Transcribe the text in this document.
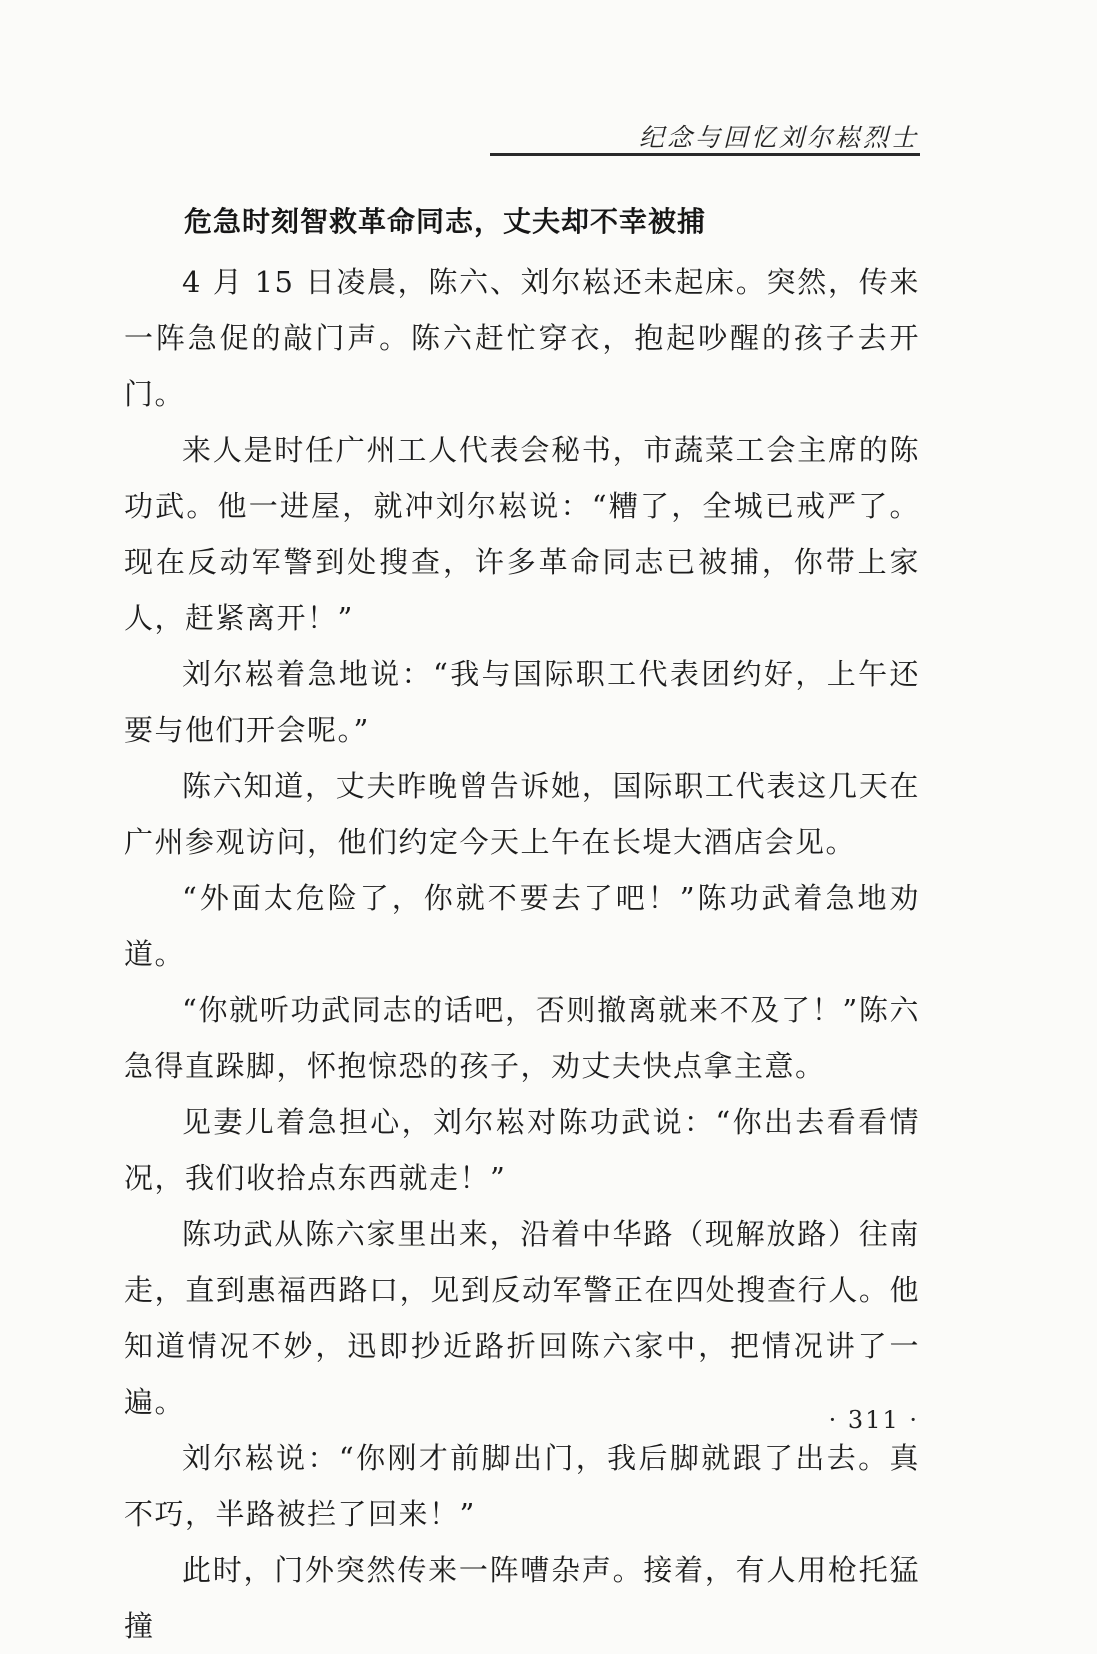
纪念与回忆刘尔崧烈士
危急时刻智救革命同志，丈夫却不幸被捕

4 月 15 日凌晨，陈六、刘尔崧还未起床。突然，传来一阵急促的敲门声。陈六赶忙穿衣，抱起吵醒的孩子去开门。

来人是时任广州工人代表会秘书，市蔬菜工会主席的陈功武。他一进屋，就冲刘尔崧说：“糟了，全城已戒严了。现在反动军警到处搜查，许多革命同志已被捕，你带上家人，赶紧离开！”

刘尔崧着急地说：“我与国际职工代表团约好，上午还要与他们开会呢。”

陈六知道，丈夫昨晚曾告诉她，国际职工代表这几天在广州参观访问，他们约定今天上午在长堤大酒店会见。

“外面太危险了，你就不要去了吧！”陈功武着急地劝道。

“你就听功武同志的话吧，否则撤离就来不及了！”陈六急得直跺脚，怀抱惊恐的孩子，劝丈夫快点拿主意。

见妻儿着急担心，刘尔崧对陈功武说：“你出去看看情况，我们收拾点东西就走！”

陈功武从陈六家里出来，沿着中华路（现解放路）往南走，直到惠福西路口，见到反动军警正在四处搜查行人。他知道情况不妙，迅即抄近路折回陈六家中，把情况讲了一遍。

刘尔崧说：“你刚才前脚出门，我后脚就跟了出去。真不巧，半路被拦了回来！”

此时，门外突然传来一阵嘈杂声。接着，有人用枪托猛撞

· 311 ·
